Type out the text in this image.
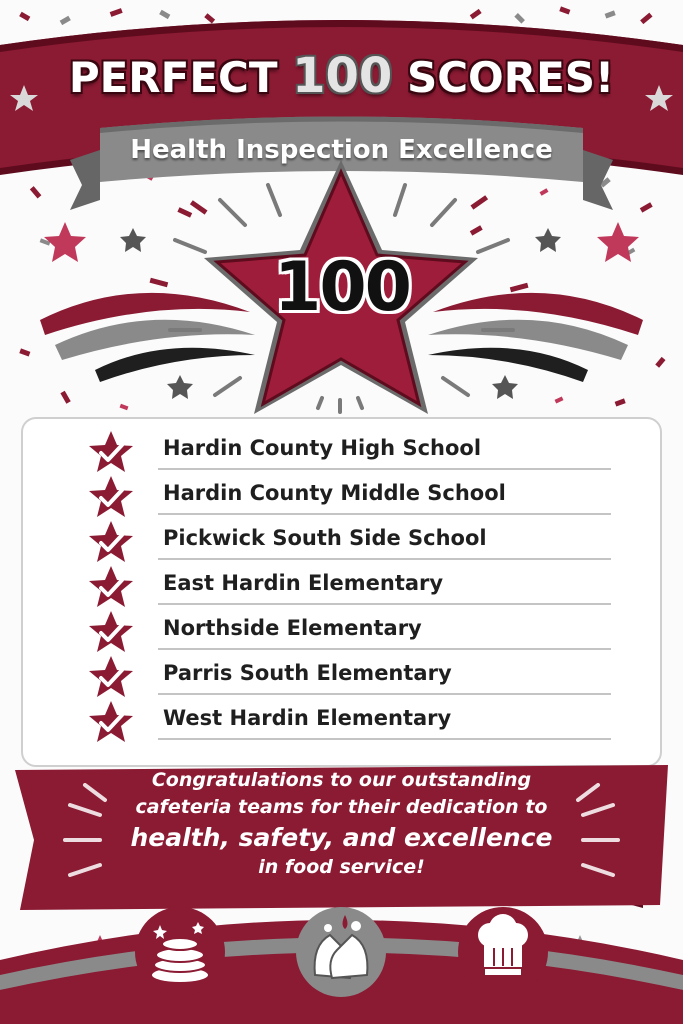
PERFECT 100 SCORES!
Health Inspection Excellence
100
Hardin County High School
Hardin County Middle School
Pickwick South Side School
East Hardin Elementary
Northside Elementary
Parris South Elementary
West Hardin Elementary
Congratulations to our outstanding
cafeteria teams for their dedication to
health, safety, and excellence
in food service!
